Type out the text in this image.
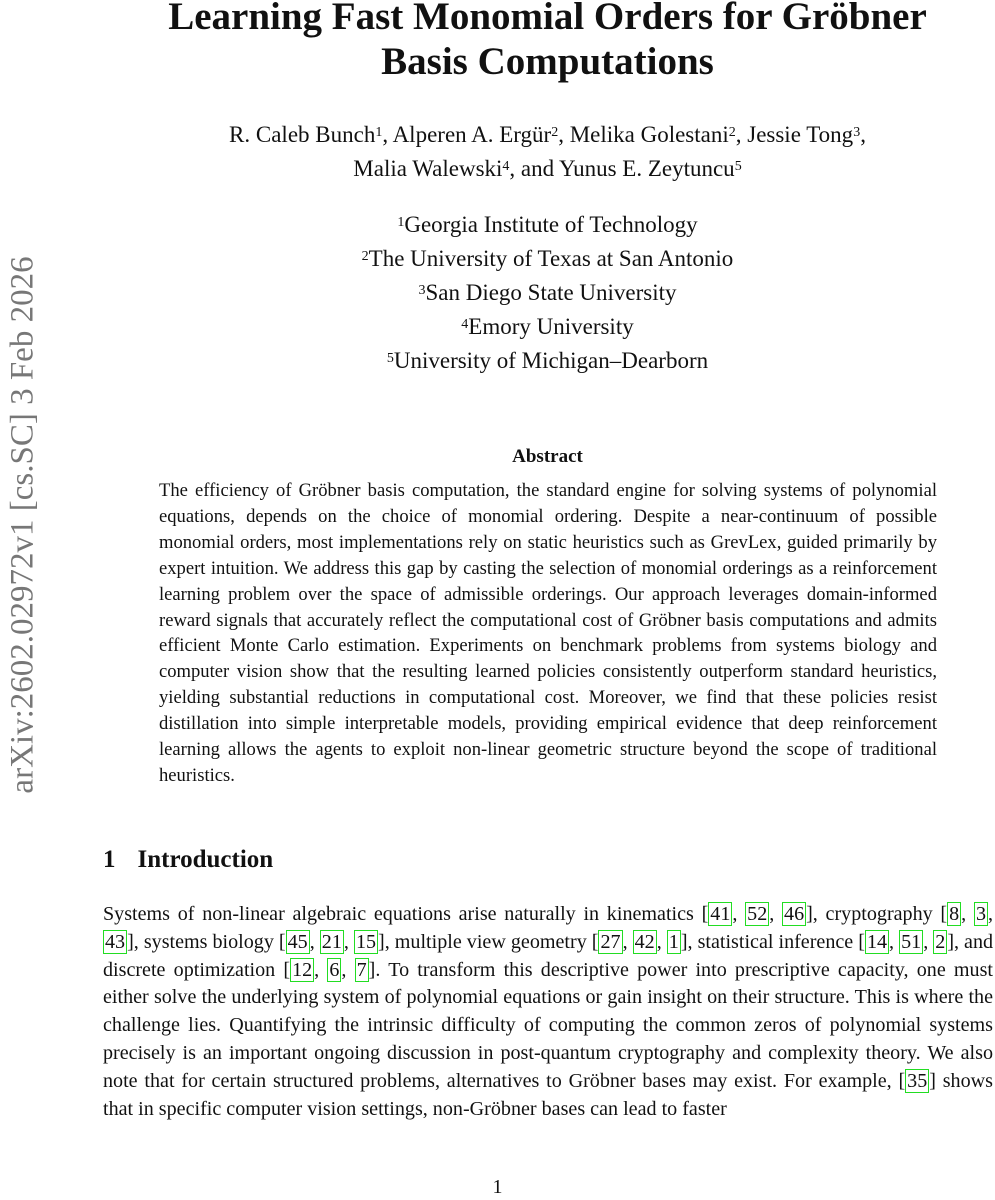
arXiv:2602.02972v1 [cs.SC] 3 Feb 2026
Learning Fast Monomial Orders for Gröbner
Basis Computations
R. Caleb Bunch$^1$, Alperen A. Ergür$^2$, Melika Golestani$^2$, Jessie Tong$^3$,
Malia Walewski$^4$, and Yunus E. Zeytuncu$^5$
$^1$Georgia Institute of Technology
$^2$The University of Texas at San Antonio
$^3$San Diego State University
$^4$Emory University
$^5$University of Michigan–Dearborn
Abstract
The efficiency of Gröbner basis computation, the standard engine for solving systems of polynomial equations, depends on the choice of monomial ordering. Despite a near-continuum of possible monomial orders, most implementations rely on static heuristics such as GrevLex, guided primarily by expert intuition. We address this gap by casting the selection of monomial orderings as a reinforcement learning problem over the space of admissible orderings. Our approach leverages domain-informed reward signals that accurately reflect the computational cost of Gröbner basis computations and admits efficient Monte Carlo estimation. Experiments on benchmark problems from systems biology and computer vision show that the resulting learned policies consistently outperform standard heuristics, yielding substantial reductions in computational cost. Moreover, we find that these policies resist distillation into simple interpretable models, providing empirical evidence that deep reinforcement learning allows the agents to exploit non-linear geometric structure beyond the scope of traditional heuristics.
1 Introduction
Systems of non-linear algebraic equations arise naturally in kinematics [41, 52, 46], cryptography [8, 3, 43], systems biology [45, 21, 15], multiple view geometry [27, 42, 1], statistical inference [14, 51, 2], and discrete optimization [12, 6, 7]. To transform this descriptive power into prescriptive capacity, one must either solve the underlying system of polynomial equations or gain insight on their structure. This is where the challenge lies. Quantifying the intrinsic difficulty of computing the common zeros of polynomial systems precisely is an important ongoing discussion in post-quantum cryptography and complexity theory. We also note that for certain structured problems, alternatives to Gröbner bases may exist. For example, [35] shows that in specific computer vision settings, non-Gröbner bases can lead to faster
1
